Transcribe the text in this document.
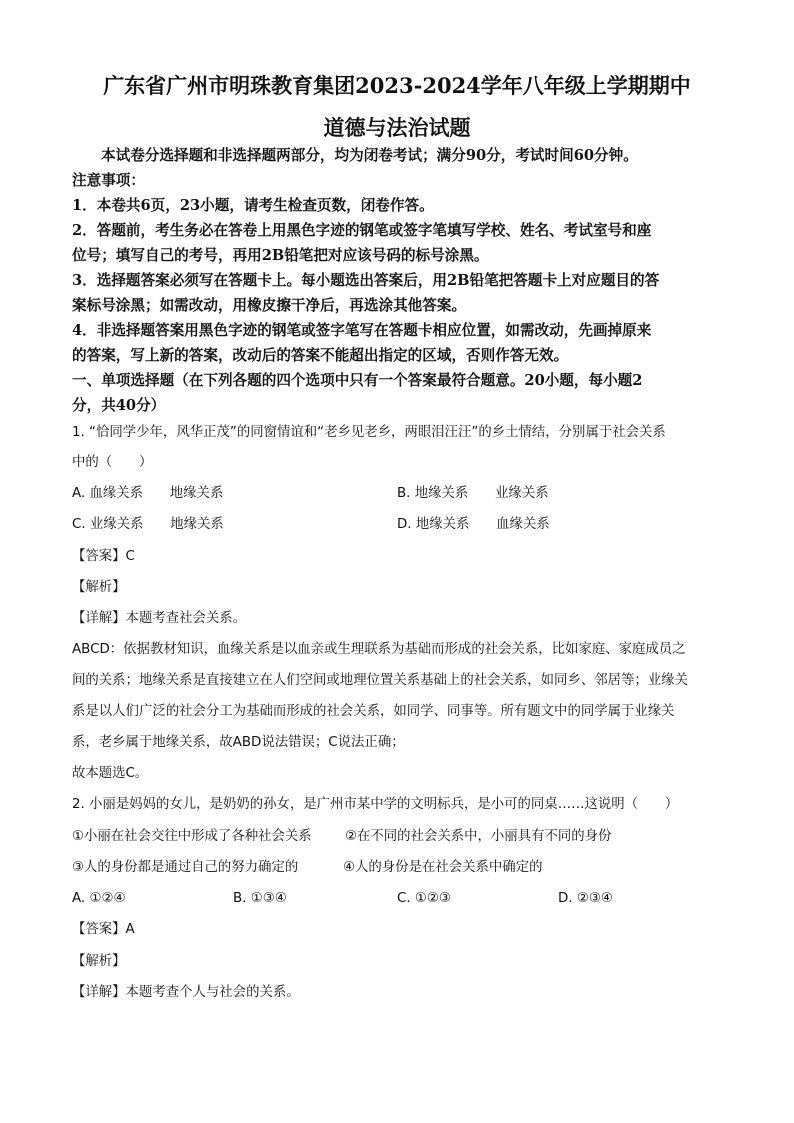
广东省广州市明珠教育集团2023-2024学年八年级上学期期中
道德与法治试题
本试卷分选择题和非选择题两部分，均为闭卷考试；满分90分，考试时间60分钟。
注意事项：
1．本卷共6页，23小题，请考生检查页数，闭卷作答。
2．答题前，考生务必在答卷上用黑色字迹的钢笔或签字笔填写学校、姓名、考试室号和座
位号；填写自己的考号，再用2B铅笔把对应该号码的标号涂黑。
3．选择题答案必须写在答题卡上。每小题选出答案后，用2B铅笔把答题卡上对应题目的答
案标号涂黑；如需改动，用橡皮擦干净后，再选涂其他答案。
4．非选择题答案用黑色字迹的钢笔或签字笔写在答题卡相应位置，如需改动，先画掉原来
的答案，写上新的答案，改动后的答案不能超出指定的区域，否则作答无效。
一、单项选择题（在下列各题的四个选项中只有一个答案最符合题意。20小题，每小题2
分，共40分）
1. “恰同学少年，风华正茂”的同窗情谊和“老乡见老乡，两眼泪汪汪”的乡土情结，分别属于社会关系
中的（　　）
A. 血缘关系　　地缘关系	B. 地缘关系　　业缘关系
C. 业缘关系　　地缘关系	D. 地缘关系　　血缘关系
【答案】C
【解析】
【详解】本题考查社会关系。
ABCD：依据教材知识，血缘关系是以血亲或生理联系为基础而形成的社会关系，比如家庭、家庭成员之
间的关系；地缘关系是直接建立在人们空间或地理位置关系基础上的社会关系，如同乡、邻居等；业缘关
系是以人们广泛的社会分工为基础而形成的社会关系，如同学、同事等。所有题文中的同学属于业缘关
系，老乡属于地缘关系，故ABD说法错误；C说法正确；
故本题选C。
2. 小丽是妈妈的女儿，是奶奶的孙女，是广州市某中学的文明标兵，是小可的同桌……这说明（　　）
①小丽在社会交往中形成了各种社会关系 ②在不同的社会关系中，小丽具有不同的身份
③人的身份都是通过自己的努力确定的	④人的身份是在社会关系中确定的
A. ①②④	B. ①③④	C. ①②③	D. ②③④
【答案】A
【解析】
【详解】本题考查个人与社会的关系。
